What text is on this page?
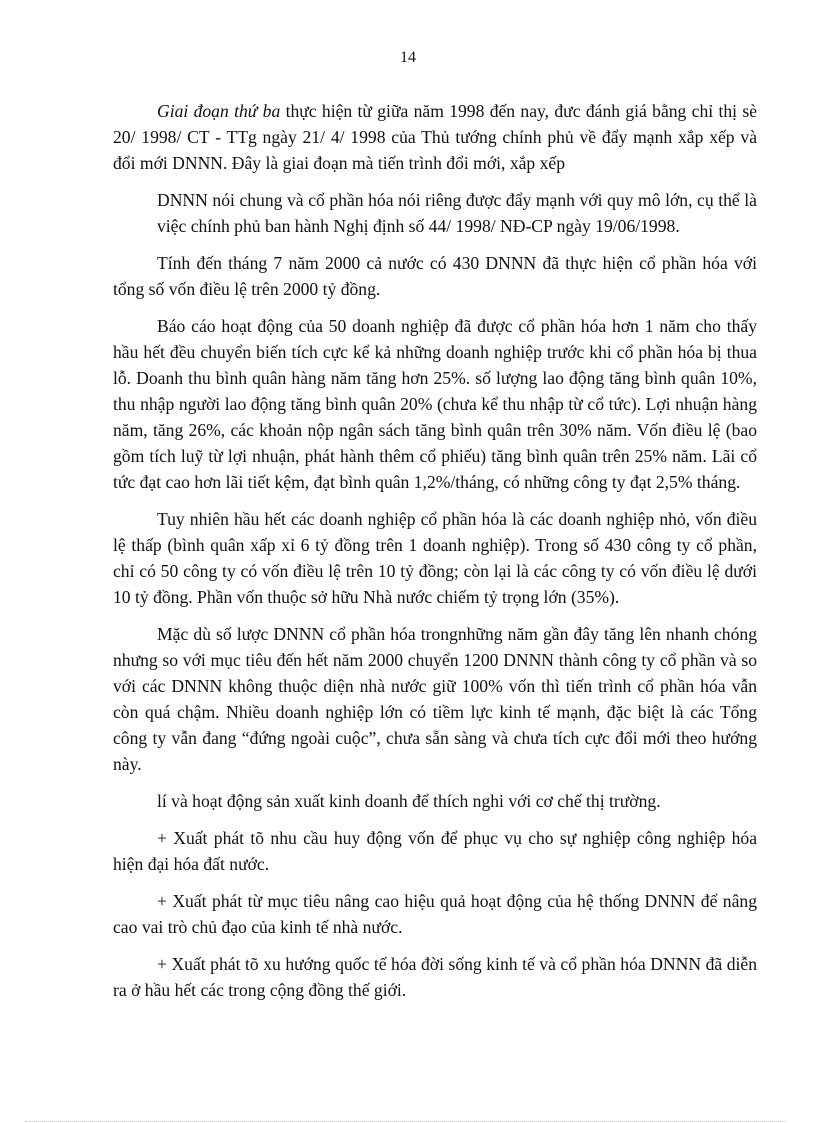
14

Giai đoạn thứ ba thực hiện từ giữa năm 1998 đến nay, đưc đánh giá bằng chỉ thị sè 20/ 1998/ CT - TTg ngày 21/ 4/ 1998 của Thủ tướng chính phủ về đẩy mạnh xắp xếp và đổi mới DNNN. Đây là giai đoạn mà tiến trình đổi mới, xắp xếp

DNNN nói chung và cổ phần hóa nói riêng được đẩy mạnh với quy mô lớn, cụ thể là việc chính phủ ban hành Nghị định số 44/ 1998/ NĐ-CP ngày 19/06/1998.

Tính đến tháng 7 năm 2000 cả nước có 430 DNNN đã thực hiện cổ phần hóa với tổng số vốn điều lệ trên 2000 tỷ đồng.

Báo cáo hoạt động của 50 doanh nghiệp đã được cổ phần hóa hơn 1 năm cho thấy hầu hết đều chuyển biến tích cực kể kả những doanh nghiệp trước khi cổ phần hóa bị thua lỗ. Doanh thu bình quân hàng năm tăng hơn 25%. số lượng lao động tăng bình quân 10%, thu nhập người lao động tăng bình quân 20% (chưa kể thu nhập từ cổ tức). Lợi nhuận hàng năm, tăng 26%, các khoản nộp ngân sách tăng bình quân trên 30% năm. Vốn điều lệ (bao gồm tích luỹ từ lợi nhuận, phát hành thêm cổ phiếu) tăng bình quân trên 25% năm. Lãi cổ tức đạt cao hơn lãi tiết kệm, đạt bình quân 1,2%/tháng, có những công ty đạt 2,5% tháng.

Tuy nhiên hầu hết các doanh nghiệp cổ phần hóa là các doanh nghiệp nhỏ, vốn điều lệ thấp (bình quân xấp xỉ 6 tỷ đồng trên 1 doanh nghiệp). Trong số 430 công ty cổ phần, chỉ có 50 công ty có vốn điều lệ trên 10 tỷ đồng; còn lại là các công ty có vốn điều lệ dưới 10 tỷ đồng. Phần vốn thuộc sở hữu Nhà nước chiếm tỷ trọng lớn (35%).

Mặc dù số lược DNNN cổ phần hóa trongnhững năm gần đây tăng lên nhanh chóng nhưng so với mục tiêu đến hết năm 2000 chuyển 1200 DNNN thành công ty cổ phần và so với các DNNN không thuộc diện nhà nước giữ 100% vốn thì tiến trình cổ phần hóa vẫn còn quá chậm. Nhiều doanh nghiệp lớn có tiềm lực kinh tế mạnh, đặc biệt là các Tổng công ty vẫn đang “đứng ngoài cuộc”, chưa sẵn sàng và chưa tích cực đổi mới theo hướng này.

lí và hoạt động sản xuất kinh doanh để thích nghi với cơ chế thị trường.

+ Xuất phát tõ nhu cầu huy động vốn để phục vụ cho sự nghiệp công nghiệp hóa hiện đại hóa đất nước.

+ Xuất phát từ mục tiêu nâng cao hiệu quả hoạt động của hệ thống DNNN để nâng cao vai trò chủ đạo của kinh tế nhà nước.

+ Xuất phát tõ xu hướng quốc tế hóa đời sống kinh tế và cổ phần hóa DNNN đã diễn ra ở hầu hết các trong cộng đồng thế giới.
